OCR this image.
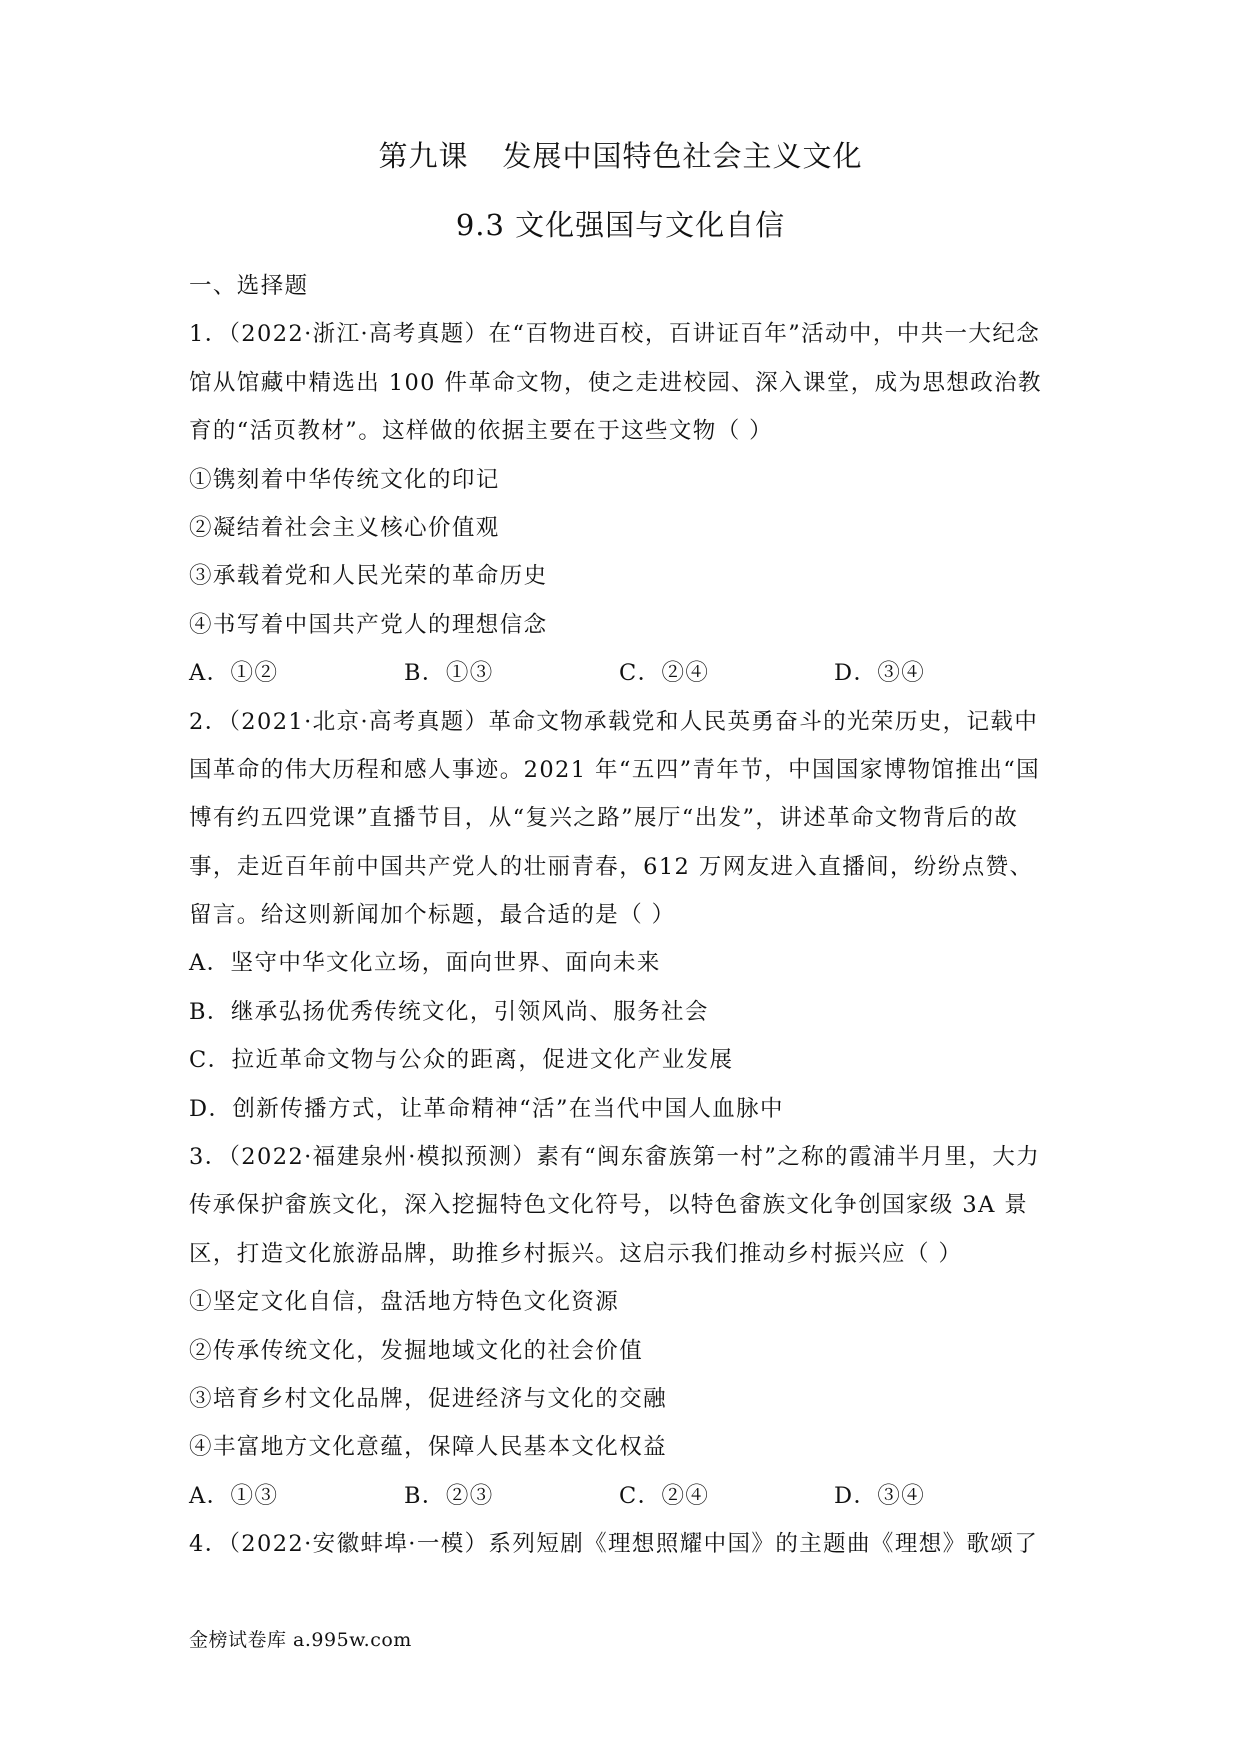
第九课 发展中国特色社会主义文化
9.3 文化强国与文化自信
一、选择题
1．（2022·浙江·高考真题）在“百物进百校，百讲证百年”活动中，中共一大纪念
馆从馆藏中精选出 100 件革命文物，使之走进校园、深入课堂，成为思想政治教
育的“活页教材”。这样做的依据主要在于这些文物（ ）
①镌刻着中华传统文化的印记
②凝结着社会主义核心价值观
③承载着党和人民光荣的革命历史
④书写着中国共产党人的理想信念
A．①②	B．①③	C．②④	D．③④
2．（2021·北京·高考真题）革命文物承载党和人民英勇奋斗的光荣历史，记载中
国革命的伟大历程和感人事迹。2021 年“五四”青年节，中国国家博物馆推出“国
博有约五四党课”直播节目，从“复兴之路”展厅“出发”，讲述革命文物背后的故
事，走近百年前中国共产党人的壮丽青春，612 万网友进入直播间，纷纷点赞、
留言。给这则新闻加个标题，最合适的是（ ）
A．坚守中华文化立场，面向世界、面向未来
B．继承弘扬优秀传统文化，引领风尚、服务社会
C．拉近革命文物与公众的距离，促进文化产业发展
D．创新传播方式，让革命精神“活”在当代中国人血脉中
3．（2022·福建泉州·模拟预测）素有“闽东畲族第一村”之称的霞浦半月里，大力
传承保护畲族文化，深入挖掘特色文化符号，以特色畲族文化争创国家级 3A 景
区，打造文化旅游品牌，助推乡村振兴。这启示我们推动乡村振兴应（ ）
①坚定文化自信，盘活地方特色文化资源
②传承传统文化，发掘地域文化的社会价值
③培育乡村文化品牌，促进经济与文化的交融
④丰富地方文化意蕴，保障人民基本文化权益
A．①③	B．②③	C．②④	D．③④
4．（2022·安徽蚌埠·一模）系列短剧《理想照耀中国》的主题曲《理想》歌颂了
金榜试卷库 a.995w.com
